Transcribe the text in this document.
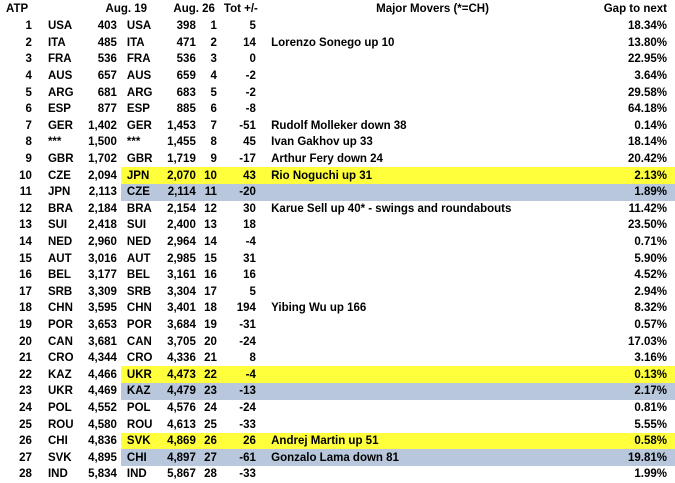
ATP		Aug. 19		Aug. 26		Tot +/-		Major Movers (*=CH)	Gap to next
1	USA	403	USA	398	1	5			18.34%
2	ITA	485	ITA	471	2	14		Lorenzo Sonego up 10	13.80%
3	FRA	536	FRA	536	3	0			22.95%
4	AUS	657	AUS	659	4	-2			3.64%
5	ARG	681	ARG	683	5	-2			29.58%
6	ESP	877	ESP	885	6	-8			64.18%
7	GER	1,402	GER	1,453	7	-51		Rudolf Molleker down 38	0.14%
8	***	1,500	***	1,455	8	45		Ivan Gakhov up 33	18.14%
9	GBR	1,702	GBR	1,719	9	-17		Arthur Fery down 24	20.42%
10	CZE	2,094	JPN	2,070	10	43		Rio Noguchi up 31	2.13%
11	JPN	2,113	CZE	2,114	11	-20			1.89%
12	BRA	2,184	BRA	2,154	12	30		Karue Sell up 40* - swings and roundabouts	11.42%
13	SUI	2,418	SUI	2,400	13	18			23.50%
14	NED	2,960	NED	2,964	14	-4			0.71%
15	AUT	3,016	AUT	2,985	15	31			5.90%
16	BEL	3,177	BEL	3,161	16	16			4.52%
17	SRB	3,309	SRB	3,304	17	5			2.94%
18	CHN	3,595	CHN	3,401	18	194		Yibing Wu up 166	8.32%
19	POR	3,653	POR	3,684	19	-31			0.57%
20	CAN	3,681	CAN	3,705	20	-24			17.03%
21	CRO	4,344	CRO	4,336	21	8			3.16%
22	KAZ	4,466	UKR	4,473	22	-4			0.13%
23	UKR	4,469	KAZ	4,479	23	-13			2.17%
24	POL	4,552	POL	4,576	24	-24			0.81%
25	ROU	4,580	ROU	4,613	25	-33			5.55%
26	CHI	4,836	SVK	4,869	26	26		Andrej Martin up 51	0.58%
27	SVK	4,895	CHI	4,897	27	-61		Gonzalo Lama down 81	19.81%
28	IND	5,834	IND	5,867	28	-33			1.99%
